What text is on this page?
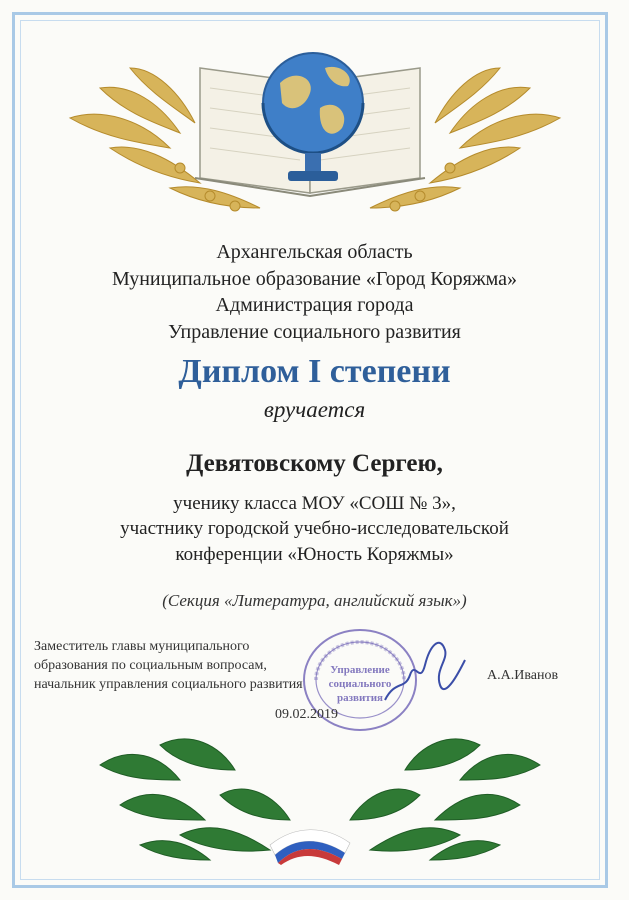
Архангельская область
Муниципальное образование «Город Коряжма»
Администрация города
Управление социального развития
Диплом I степени
вручается
Девятовскому Сергею,
ученику класса МОУ «СОШ № 3»,
участнику городской учебно-исследовательской
конференции «Юность Коряжмы»
(Секция «Литература, английский язык»)
Заместитель главы муниципального
образования по социальным вопросам,
начальник управления социального развития
А.А.Иванов
Управление
социального
развития
09.02.2019
